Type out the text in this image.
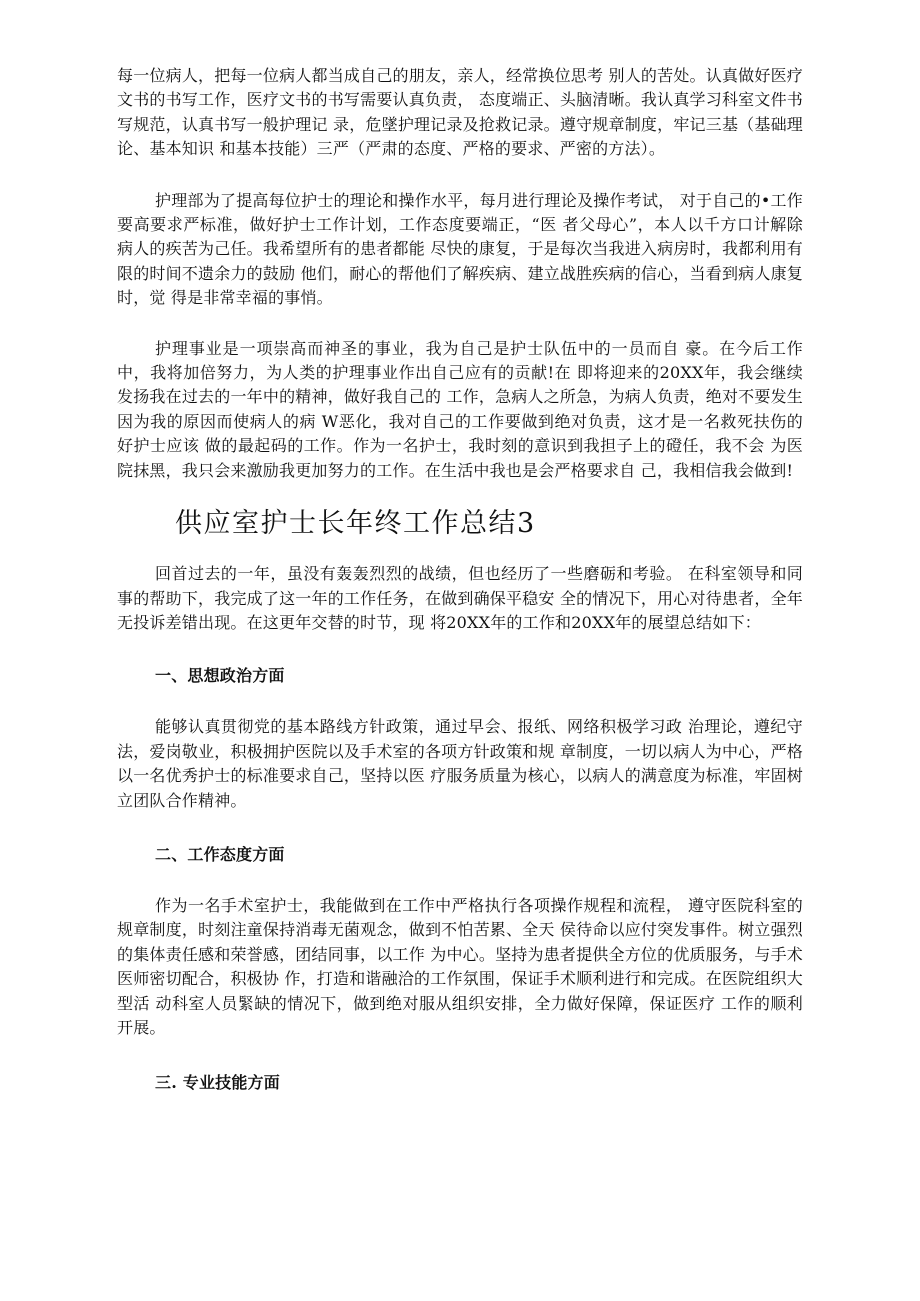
每一位病人，把每一位病人都当成自己的朋友，亲人，经常换位思考 别人的苦处。认真做好医疗文书的书写工作，医疗文书的书写需要认真负责， 态度端正、头脑清晰。我认真学习科室文件书写规范，认真书写一般护理记 录，危墜护理记录及抢救记录。遵守规章制度，牢记三基（基础理论、基本知识 和基本技能）三严（严肃的态度、严格的要求、严密的方法）。

护理部为了提高每位护士的理论和操作水平，每月进行理论及操作考试， 对于自己的•工作要高要求严标准，做好护士工作计划，工作态度要端正，“医 者父母心”，本人以千方口计解除病人的疾苦为己任。我希望所有的患者都能 尽快的康复，于是每次当我进入病房时，我都利用有限的时间不遗余力的鼓励 他们，耐心的帮他们了解疾病、建立战胜疾病的信心，当看到病人康复时，觉 得是非常幸福的事悄。

护理事业是一项崇高而神圣的事业，我为自己是护士队伍中的一员而自 豪。在今后工作中，我将加倍努力，为人类的护理事业作出自己应有的贡献!在 即将迎来的20XX年，我会继续发扬我在过去的一年中的精神，做好我自己的 工作，急病人之所急，为病人负责，绝对不要发生因为我的原因而使病人的病 W恶化，我对自己的工作要做到绝对负责，这才是一名救死扶伤的好护士应该 做的最起码的工作。作为一名护士，我时刻的意识到我担子上的磴任，我不会 为医院抹黑，我只会来激励我更加努力的工作。在生活中我也是会严格要求自 己，我相信我会做到!

供应室护士长年终工作总结3

回首过去的一年，虽没有轰轰烈烈的战绩，但也经历了一些磨砺和考验。 在科室领导和同事的帮助下，我完成了这一年的工作任务，在做到确保平稳安 全的情况下，用心对待患者，全年无投诉差错出现。在这更年交替的时节，现 将20XX年的工作和20XX年的展望总结如下：

一、思想政治方面

能够认真贯彻党的基本路线方针政策，通过早会、报纸、网络积极学习政 治理论，遵纪守法，爱岗敬业，积极拥护医院以及手术室的各项方针政策和规 章制度，一切以病人为中心，严格以一名优秀护士的标准要求自己，坚持以医 疗服务质量为核心，以病人的满意度为标准，牢固树立团队合作精神。

二、工作态度方面

作为一名手术室护士，我能做到在工作中严格执行各项操作规程和流程， 遵守医院科室的规章制度，时刻注童保持消毒无菌观念，做到不怕苦累、全天 侯待命以应付突发事件。树立强烈的集体责任感和荣誉感，团结同事，以工作 为中心。坚持为患者提供全方位的优质服务，与手术医师密切配合，积极协 作，打造和谐融洽的工作氛围，保证手术顺利进行和完成。在医院组织大型活 动科室人员緊缺的情况下，做到绝对服从组织安排，全力做好保障，保证医疗 工作的顺利开展。

三. 专业技能方面
